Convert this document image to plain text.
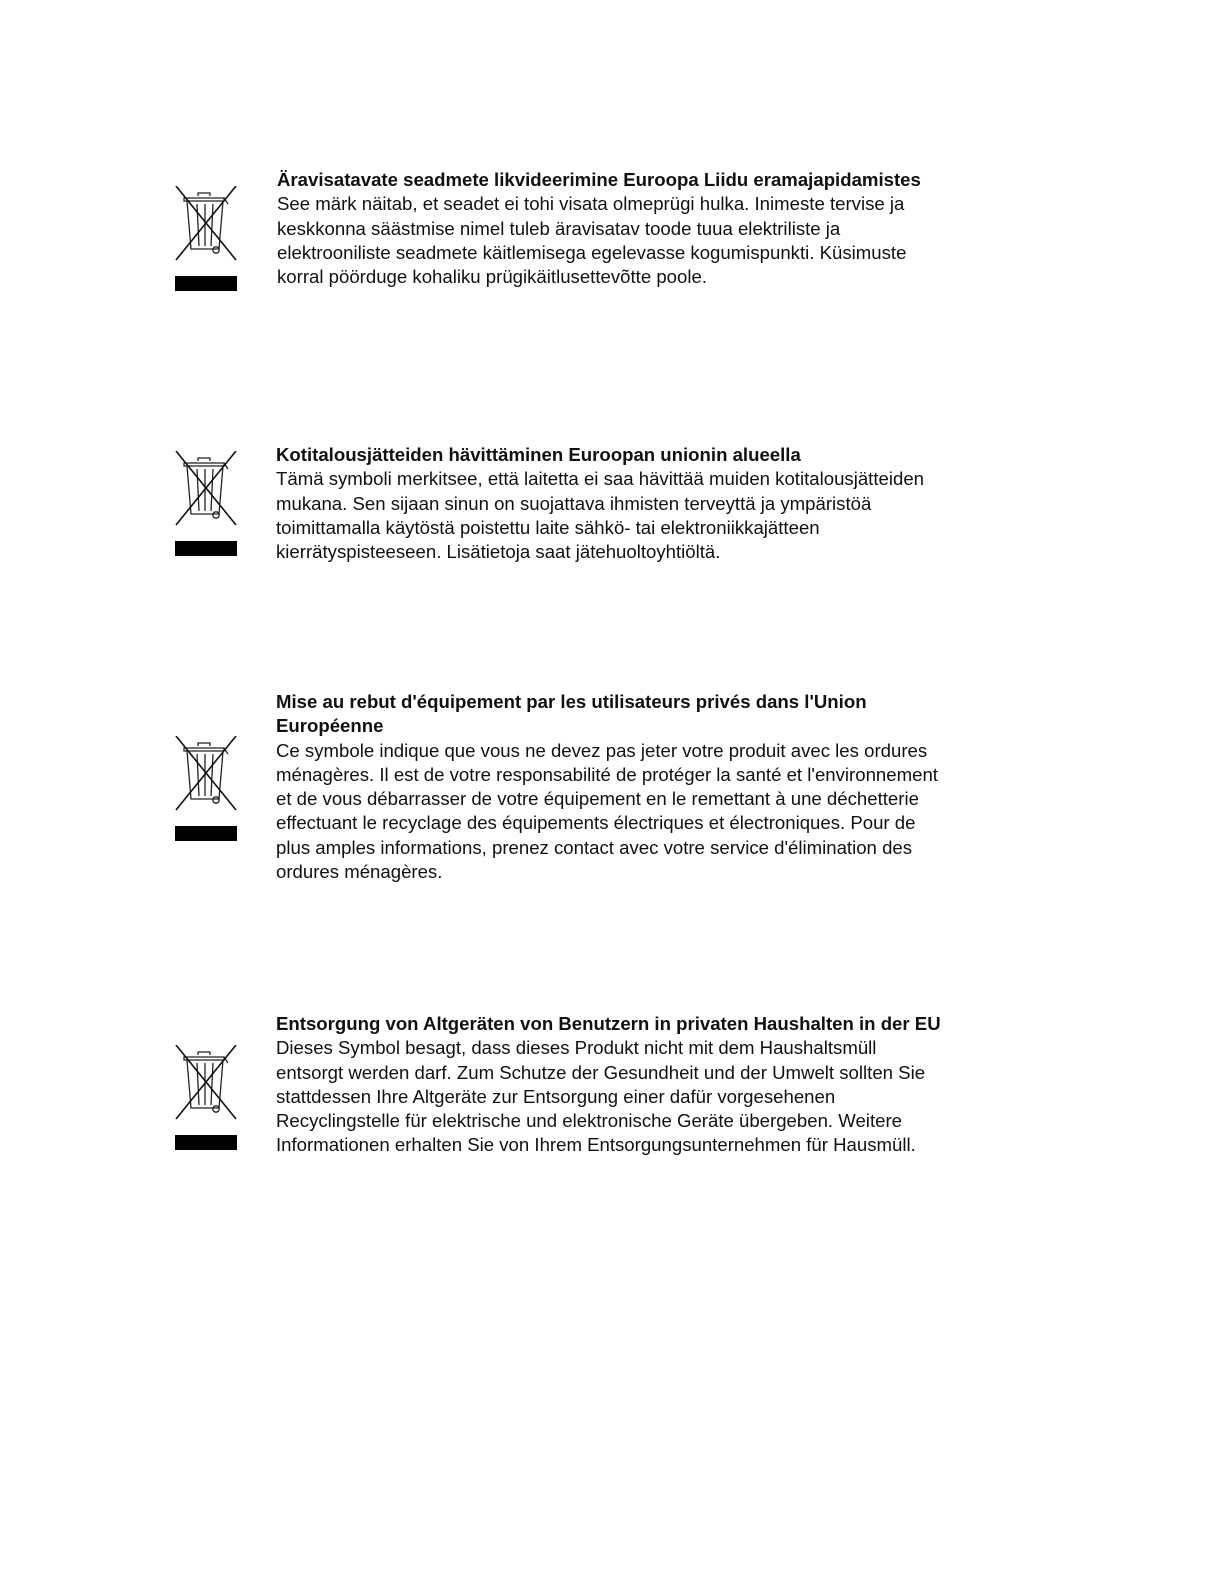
Äravisatavate seadmete likvideerimine Euroopa Liidu eramajapidamistes

See märk näitab, et seadet ei tohi visata olmeprügi hulka. Inimeste tervise ja keskkonna säästmise nimel tuleb äravisatav toode tuua elektriliste ja elektrooniliste seadmete käitlemisega egelevasse kogumispunkti. Küsimuste korral pöörduge kohaliku prügikäitlusettevõtte poole.

Kotitalousjätteiden hävittäminen Euroopan unionin alueella

Tämä symboli merkitsee, että laitetta ei saa hävittää muiden kotitalousjätteiden mukana. Sen sijaan sinun on suojattava ihmisten terveyttä ja ympäristöä toimittamalla käytöstä poistettu laite sähkö- tai elektroniikkajätteen kierrätyspisteeseen. Lisätietoja saat jätehuoltoyhtiöltä.

Mise au rebut d'équipement par les utilisateurs privés dans l'Union Européenne

Ce symbole indique que vous ne devez pas jeter votre produit avec les ordures ménagères. Il est de votre responsabilité de protéger la santé et l'environnement et de vous débarrasser de votre équipement en le remettant à une déchetterie effectuant le recyclage des équipements électriques et électroniques. Pour de plus amples informations, prenez contact avec votre service d'élimination des ordures ménagères.

Entsorgung von Altgeräten von Benutzern in privaten Haushalten in der EU

Dieses Symbol besagt, dass dieses Produkt nicht mit dem Haushaltsmüll entsorgt werden darf. Zum Schutze der Gesundheit und der Umwelt sollten Sie stattdessen Ihre Altgeräte zur Entsorgung einer dafür vorgesehenen Recyclingstelle für elektrische und elektronische Geräte übergeben. Weitere Informationen erhalten Sie von Ihrem Entsorgungsunternehmen für Hausmüll.
